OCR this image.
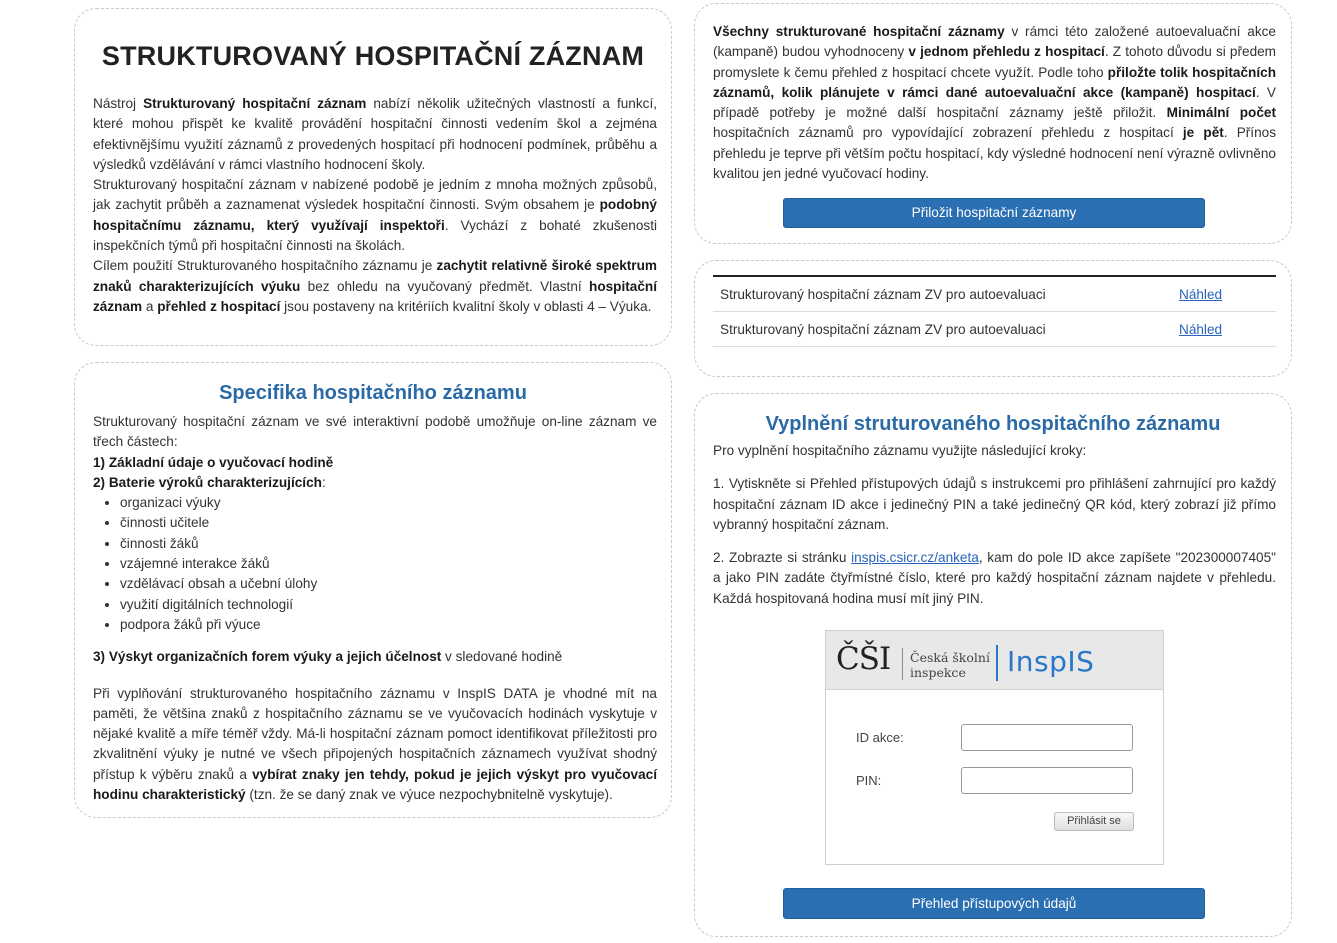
STRUKTUROVANÝ HOSPITAČNÍ ZÁZNAM

Nástroj Strukturovaný hospitační záznam nabízí několik užitečných vlastností a funkcí, které mohou přispět ke kvalitě provádění hospitační činnosti vedením škol a zejména efektivnějšímu využití záznamů z provedených hospitací při hodnocení podmínek, průběhu a výsledků vzdělávání v rámci vlastního hodnocení školy.

Strukturovaný hospitační záznam v nabízené podobě je jedním z mnoha možných způsobů, jak zachytit průběh a zaznamenat výsledek hospitační činnosti. Svým obsahem je podobný hospitačnímu záznamu, který využívají inspektoři. Vychází z bohaté zkušenosti inspekčních týmů při hospitační činnosti na školách.

Cílem použití Strukturovaného hospitačního záznamu je zachytit relativně široké spektrum znaků charakterizujících výuku bez ohledu na vyučovaný předmět. Vlastní hospitační záznam a přehled z hospitací jsou postaveny na kritériích kvalitní školy v oblasti 4 – Výuka.

Specifika hospitačního záznamu

Strukturovaný hospitační záznam ve své interaktivní podobě umožňuje on-line záznam ve třech částech:

1) Základní údaje o vyučovací hodině

2) Baterie výroků charakterizujících:

• organizaci výuky
• činnosti učitele
• činnosti žáků
• vzájemné interakce žáků
• vzdělávací obsah a učební úlohy
• využití digitálních technologií
• podpora žáků při výuce

3) Výskyt organizačních forem výuky a jejich účelnost v sledované hodině

Při vyplňování strukturovaného hospitačního záznamu v InspIS DATA je vhodné mít na paměti, že většina znaků z hospitačního záznamu se ve vyučovacích hodinách vyskytuje v nějaké kvalitě a míře téměř vždy. Má-li hospitační záznam pomoct identifikovat příležitosti pro zkvalitnění výuky je nutné ve všech připojených hospitačních záznamech využívat shodný přístup k výběru znaků a vybírat znaky jen tehdy, pokud je jejich výskyt pro vyučovací hodinu charakteristický (tzn. že se daný znak ve výuce nezpochybnitelně vyskytuje).

Všechny strukturované hospitační záznamy v rámci této založené autoevaluační akce (kampaně) budou vyhodnoceny v jednom přehledu z hospitací. Z tohoto důvodu si předem promyslete k čemu přehled z hospitací chcete využít. Podle toho přiložte tolik hospitačních záznamů, kolik plánujete v rámci dané autoevaluační akce (kampaně) hospitací. V případě potřeby je možné další hospitační záznamy ještě přiložit. Minimální počet hospitačních záznamů pro vypovídající zobrazení přehledu z hospitací je pět. Přínos přehledu je teprve při větším počtu hospitací, kdy výsledné hodnocení není výrazně ovlivněno kvalitou jen jedné vyučovací hodiny.

Přiložit hospitační záznamy
Strukturovaný hospitační záznam ZV pro autoevaluaci	Náhled
Strukturovaný hospitační záznam ZV pro autoevaluaci	Náhled
Vyplnění struturovaného hospitačního záznamu

Pro vyplnění hospitačního záznamu využijte následující kroky:

1. Vytiskněte si Přehled přístupových údajů s instrukcemi pro přihlášení zahrnující pro každý hospitační záznam ID akce i jedinečný PIN a také jedinečný QR kód, který zobrazí již přímo vybranný hospitační záznam.

2. Zobrazte si stránku inspis.csicr.cz/anketa, kam do pole ID akce zapíšete "202300007405" a jako PIN zadáte čtyřmístné číslo, které pro každý hospitační záznam najdete v přehledu. Každá hospitovaná hodina musí mít jiný PIN.

ČŠI Česká školní
inspekce InspIS
ID akce:
PIN:
Přihlásit se
Přehled přístupových údajů
